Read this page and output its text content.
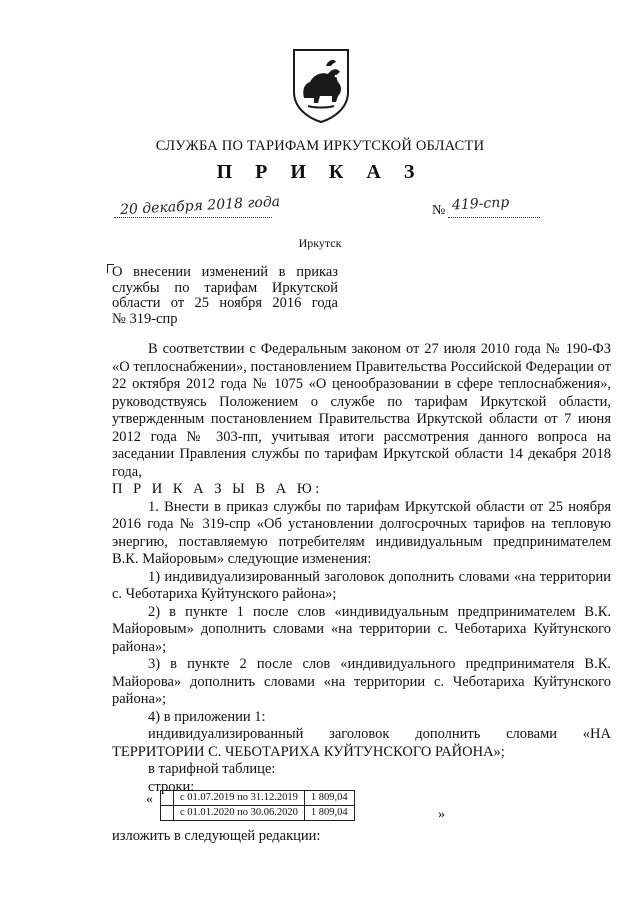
СЛУЖБА ПО ТАРИФАМ ИРКУТСКОЙ ОБЛАСТИ
П Р И К А З
20 декабря 2018 года	№ 419-спр
Иркутск
О внесении изменений в приказ
службы по тарифам Иркутской
области от 25 ноября 2016 года
№ 319-спр

В соответствии с Федеральным законом от 27 июля 2010 года № 190-ФЗ «О теплоснабжении», постановлением Правительства Российской Федерации от 22 октября 2012 года № 1075 «О ценообразовании в сфере теплоснабжения», руководствуясь Положением о службе по тарифам Иркутской области, утвержденным постановлением Правительства Иркутской области от 7 июня 2012 года № 303-пп, учитывая итоги рассмотрения данного вопроса на заседании Правления службы по тарифам Иркутской области 14 декабря 2018 года,

П Р И К А З Ы В А Ю:

1. Внести в приказ службы по тарифам Иркутской области от 25 ноября 2016 года № 319-спр «Об установлении долгосрочных тарифов на тепловую энергию, поставляемую потребителям индивидуальным предпринимателем В.К. Майоровым» следующие изменения:

1) индивидуализированный заголовок дополнить словами «на территории с. Чеботариха Куйтунского района»;

2) в пункте 1 после слов «индивидуальным предпринимателем В.К. Майоровым» дополнить словами «на территории с. Чеботариха Куйтунского района»;

3) в пункте 2 после слов «индивидуального предпринимателя В.К. Майорова» дополнить словами «на территории с. Чеботариха Куйтунского района»;

4) в приложении 1:

индивидуализированный заголовок дополнить словами «НА ТЕРРИТОРИИ С. ЧЕБОТАРИХА КУЙТУНСКОГО РАЙОНА»;

в тарифной таблице:

строки:

«
		с 01.07.2019 по 31.12.2019	1 809,04
	с 01.01.2020 по 30.06.2020	1 809,04	»

изложить в следующей редакции:
